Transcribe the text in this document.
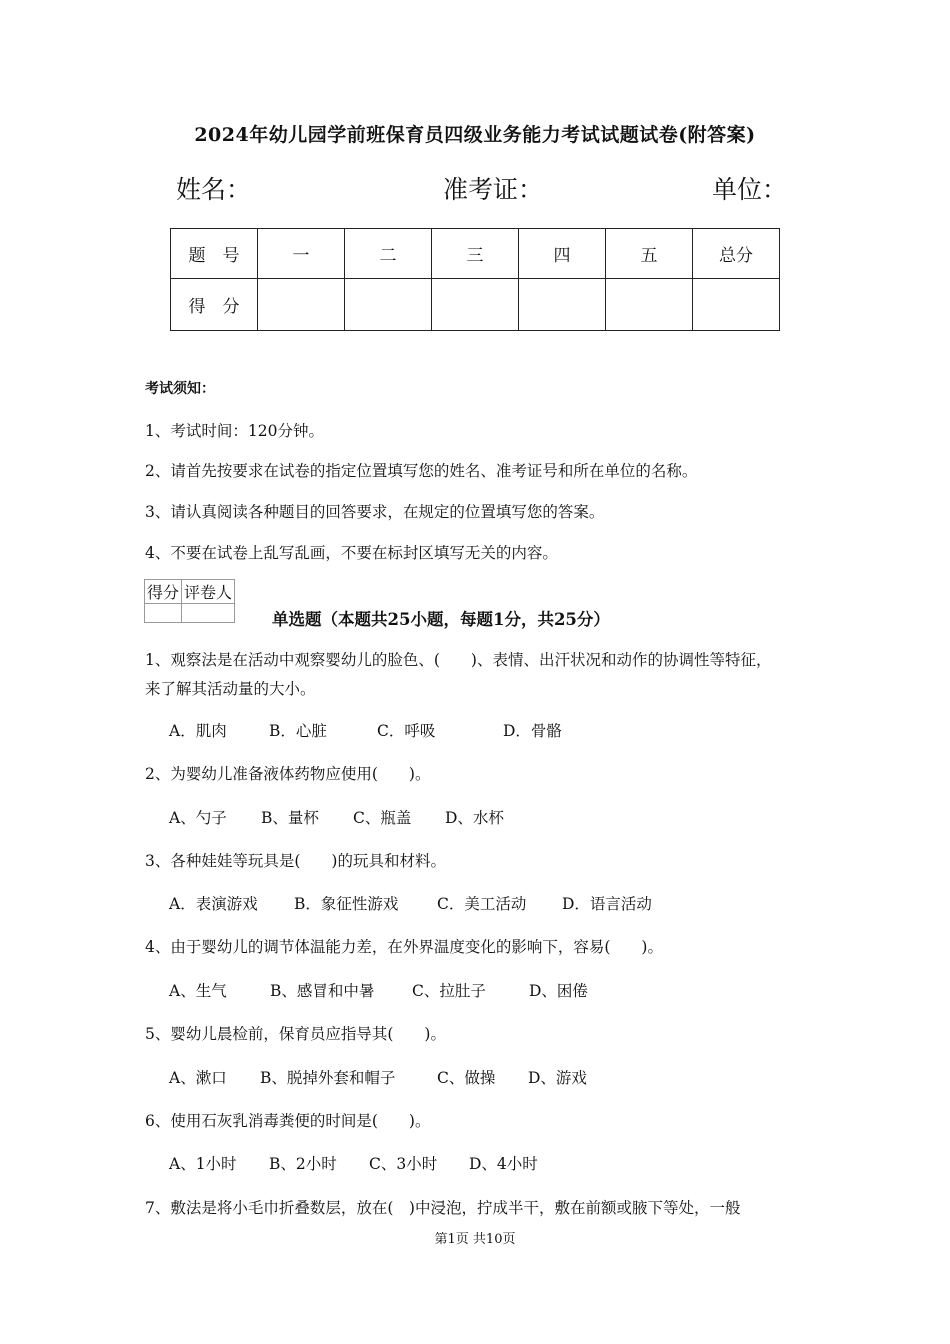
2024年幼儿园学前班保育员四级业务能力考试试题试卷(附答案)
姓名：	准考证：	单位：
题　号	一	二	三	四	五	总分
得　分						
考试须知：
1、考试时间：120分钟。
2、请首先按要求在试卷的指定位置填写您的姓名、准考证号和所在单位的名称。
3、请认真阅读各种题目的回答要求，在规定的位置填写您的答案。
4、不要在试卷上乱写乱画，不要在标封区填写无关的内容。
得分	评卷人

单选题（本题共25小题，每题1分，共25分）
1、观察法是在活动中观察婴幼儿的脸色、(　　)、表情、出汗状况和动作的协调性等特征，
来了解其活动量的大小。
A．肌肉	B．心脏	C．呼吸	D．骨骼
2、为婴幼儿准备液体药物应使用(　　)。
A、勺子 B、量杯 C、瓶盖 D、水杯
3、各种娃娃等玩具是(　　)的玩具和材料。
A．表演游戏 B．象征性游戏 C．美工活动 D．语言活动
4、由于婴幼儿的调节体温能力差，在外界温度变化的影响下，容易(　　)。
A、生气	B、感冒和中暑 C、拉肚子	D、困倦
5、婴幼儿晨检前，保育员应指导其(　　)。
A、漱口 B、脱掉外套和帽子	C、做操 D、游戏
6、使用石灰乳消毒粪便的时间是(　　)。
A、1小时 B、2小时 C、3小时 D、4小时
7、敷法是将小毛巾折叠数层，放在(　)中浸泡，拧成半干，敷在前额或腋下等处，一般
第1页 共10页
